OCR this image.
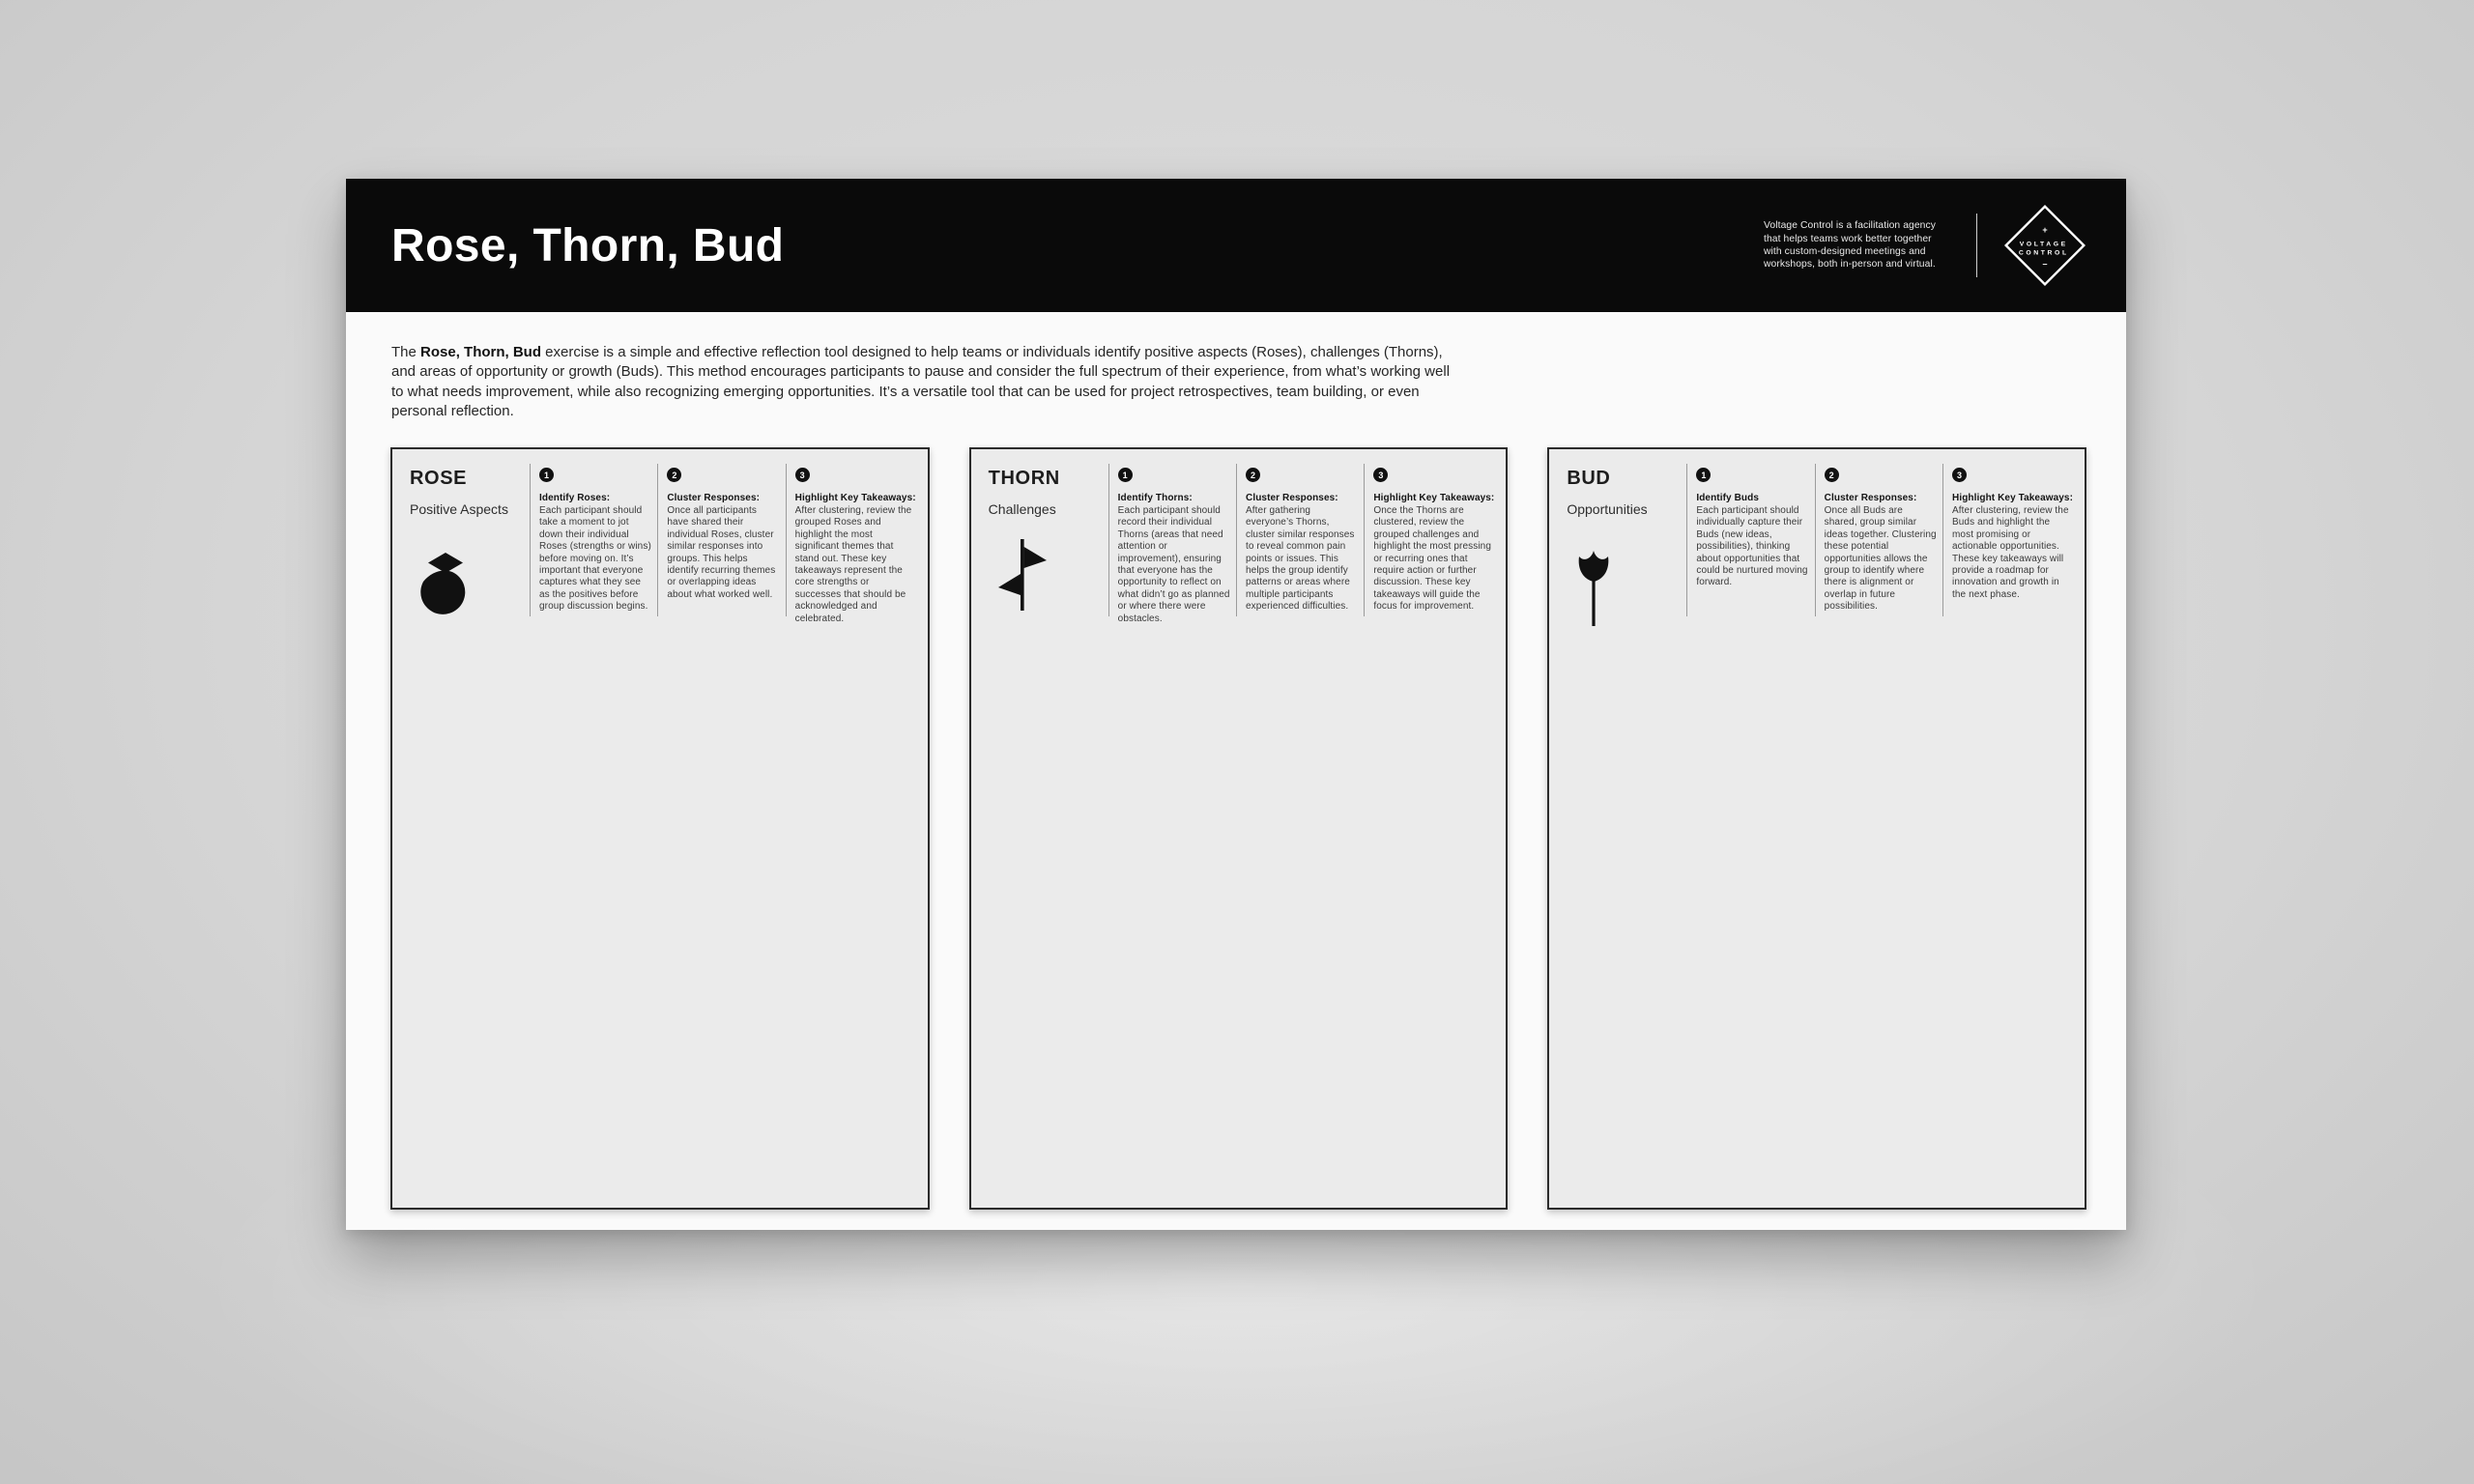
Rose, Thorn, Bud	Voltage Control is a facilitation agency that helps teams work better together with custom-designed meetings and workshops, both in-person and virtual.
+
VOLTAGE
CONTROL
–

The Rose, Thorn, Bud exercise is a simple and effective reflection tool designed to help teams or individuals identify positive aspects (Roses), challenges (Thorns), and areas of opportunity or growth (Buds). This method encourages participants to pause and consider the full spectrum of their experience, from what’s working well to what needs improvement, while also recognizing emerging opportunities. It’s a versatile tool that can be used for project retrospectives, team building, or even personal reflection.

ROSE
Positive Aspects
1
Identify Roses:
Each participant should take a moment to jot down their individual Roses (strengths or wins) before moving on. It’s important that everyone captures what they see as the positives before group discussion begins.
2
Cluster Responses:
Once all participants have shared their individual Roses, cluster similar responses into groups. This helps identify recurring themes or overlapping ideas about what worked well.
3
Highlight Key Takeaways:
After clustering, review the grouped Roses and highlight the most significant themes that stand out. These key takeaways represent the core strengths or successes that should be acknowledged and celebrated.
THORN
Challenges
1
Identify Thorns:
Each participant should record their individual Thorns (areas that need attention or improvement), ensuring that everyone has the opportunity to reflect on what didn’t go as planned or where there were obstacles.
2
Cluster Responses:
After gathering everyone’s Thorns, cluster similar responses to reveal common pain points or issues. This helps the group identify patterns or areas where multiple participants experienced difficulties.
3
Highlight Key Takeaways:
Once the Thorns are clustered, review the grouped challenges and highlight the most pressing or recurring ones that require action or further discussion. These key takeaways will guide the focus for improvement.
BUD
Opportunities
1
Identify Buds
Each participant should individually capture their Buds (new ideas, possibilities), thinking about opportunities that could be nurtured moving forward.
2
Cluster Responses:
Once all Buds are shared, group similar ideas together. Clustering these potential opportunities allows the group to identify where there is alignment or overlap in future possibilities.
3
Highlight Key Takeaways:
After clustering, review the Buds and highlight the most promising or actionable opportunities. These key takeaways will provide a roadmap for innovation and growth in the next phase.
